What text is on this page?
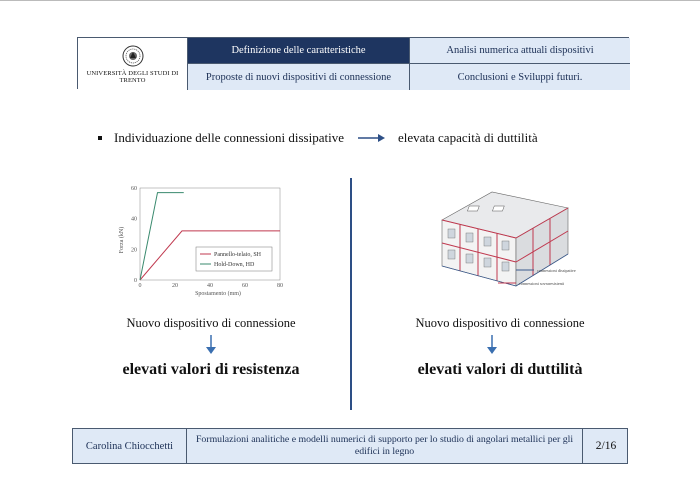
UNIVERSITÀ DEGLI STUDI DI TRENTO
Definizione delle caratteristiche	Analisi numerica attuali dispositivi
Proposte di nuovi dispositivi di connessione	Conclusioni e Sviluppi futuri.
Individuazione delle connessioni dissipative	elevata capacità di duttilità
0	20	40	60	80
0
20
40
60
Forza (kN)
Spostamento (mm)
Pannello-telaio, SH
Hold-Down, HD
connessioni dissipative
connessioni sovraresistenti
Nuovo dispositivo di connessione
elevati valori di resistenza
Nuovo dispositivo di connessione
elevati valori di duttilità
Carolina Chiocchetti
Formulazioni analitiche e modelli numerici di supporto per lo studio di angolari metallici per gli edifici in legno	2/16
